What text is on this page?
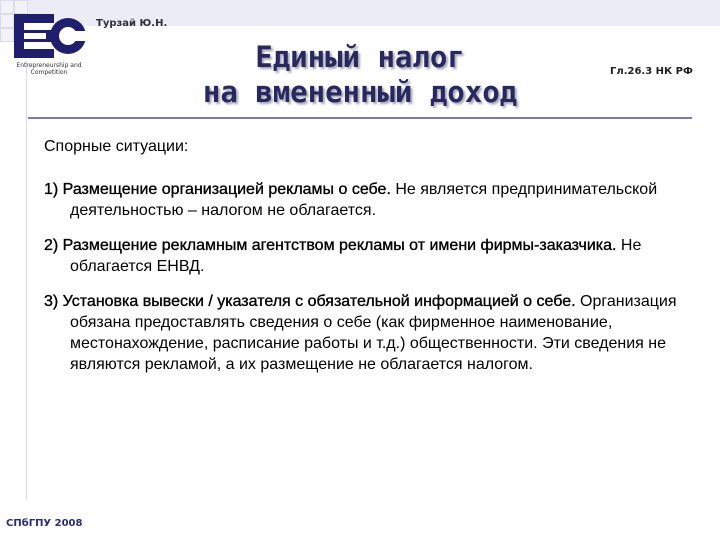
Entrepreneurship and Competition
Турзай Ю.Н.
Единый налог
на вмененный доход
Гл.26.3 НК РФ

Спорные ситуации:

1) Размещение организацией рекламы о себе. Не является предпринимательской деятельностью – налогом не облагается.

2) Размещение рекламным агентством рекламы от имени фирмы-заказчика. Не облагается ЕНВД.

3) Установка вывески / указателя с обязательной информацией о себе. Организация обязана предоставлять сведения о себе (как фирменное наименование, местонахождение, расписание работы и т.д.) общественности. Эти сведения не являются рекламой, а их размещение не облагается налогом.

СПбГПУ 2008
